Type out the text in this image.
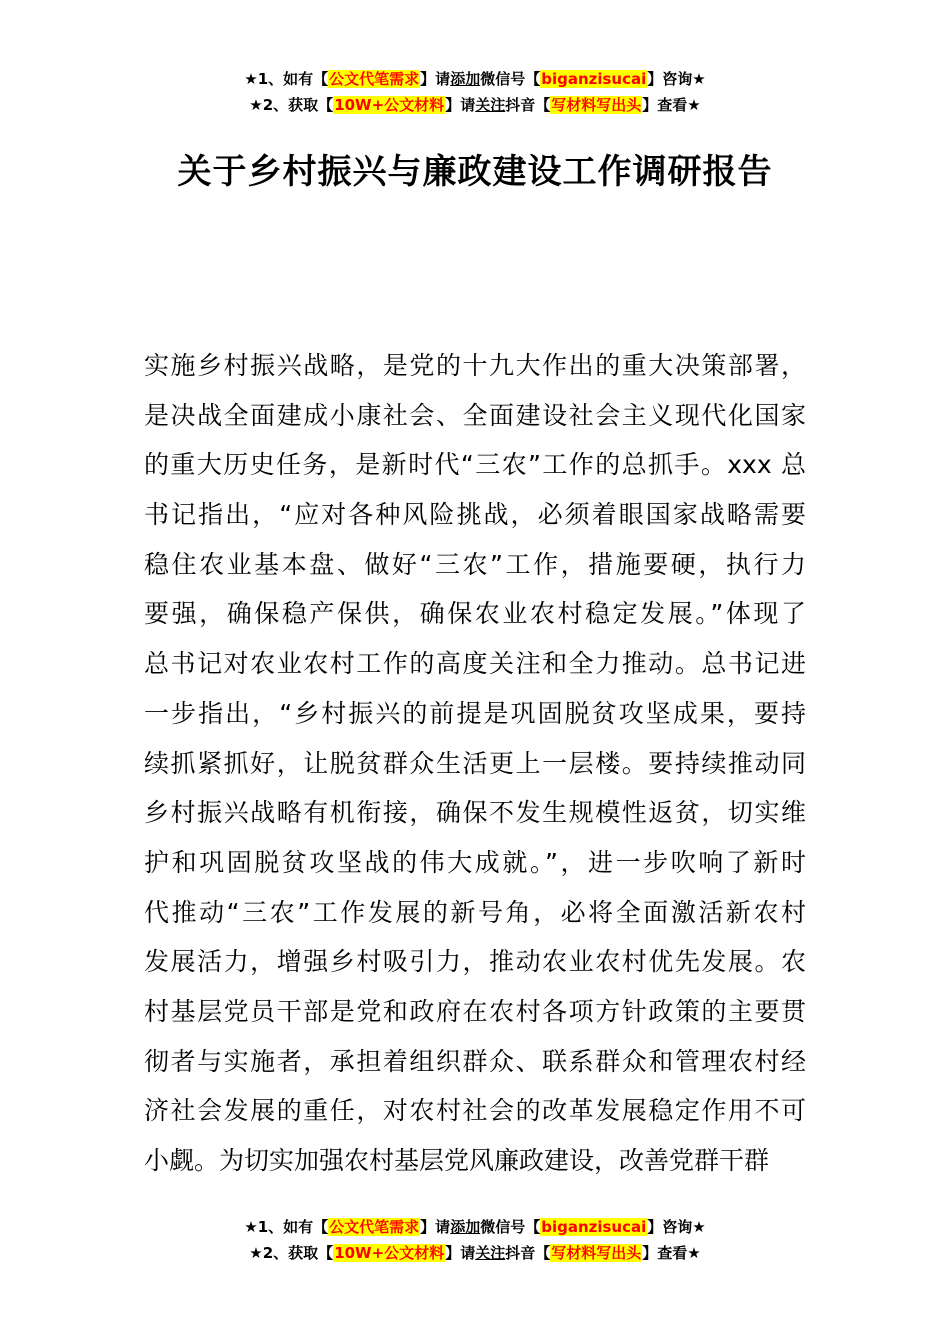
★1、如有【公文代笔需求】请添加微信号【biganzisucai】咨询★
★2、获取【10W+公文材料】请关注抖音【写材料写出头】查看★
关于乡村振兴与廉政建设工作调研报告
实施乡村振兴战略，是党的十九大作出的重大决策部署，
是决战全面建成小康社会、全面建设社会主义现代化国家
的重大历史任务，是新时代“三农”工作的总抓手。xxx 总
书记指出，“应对各种风险挑战，必须着眼国家战略需要
稳住农业基本盘、做好“三农”工作，措施要硬，执行力
要强，确保稳产保供，确保农业农村稳定发展。”体现了
总书记对农业农村工作的高度关注和全力推动。总书记进
一步指出，“乡村振兴的前提是巩固脱贫攻坚成果，要持
续抓紧抓好，让脱贫群众生活更上一层楼。要持续推动同
乡村振兴战略有机衔接，确保不发生规模性返贫，切实维
护和巩固脱贫攻坚战的伟大成就。”，进一步吹响了新时
代推动“三农”工作发展的新号角，必将全面激活新农村
发展活力，增强乡村吸引力，推动农业农村优先发展。农
村基层党员干部是党和政府在农村各项方针政策的主要贯
彻者与实施者，承担着组织群众、联系群众和管理农村经
济社会发展的重任，对农村社会的改革发展稳定作用不可
小觑。为切实加强农村基层党风廉政建设，改善党群干群
★1、如有【公文代笔需求】请添加微信号【biganzisucai】咨询★
★2、获取【10W+公文材料】请关注抖音【写材料写出头】查看★
